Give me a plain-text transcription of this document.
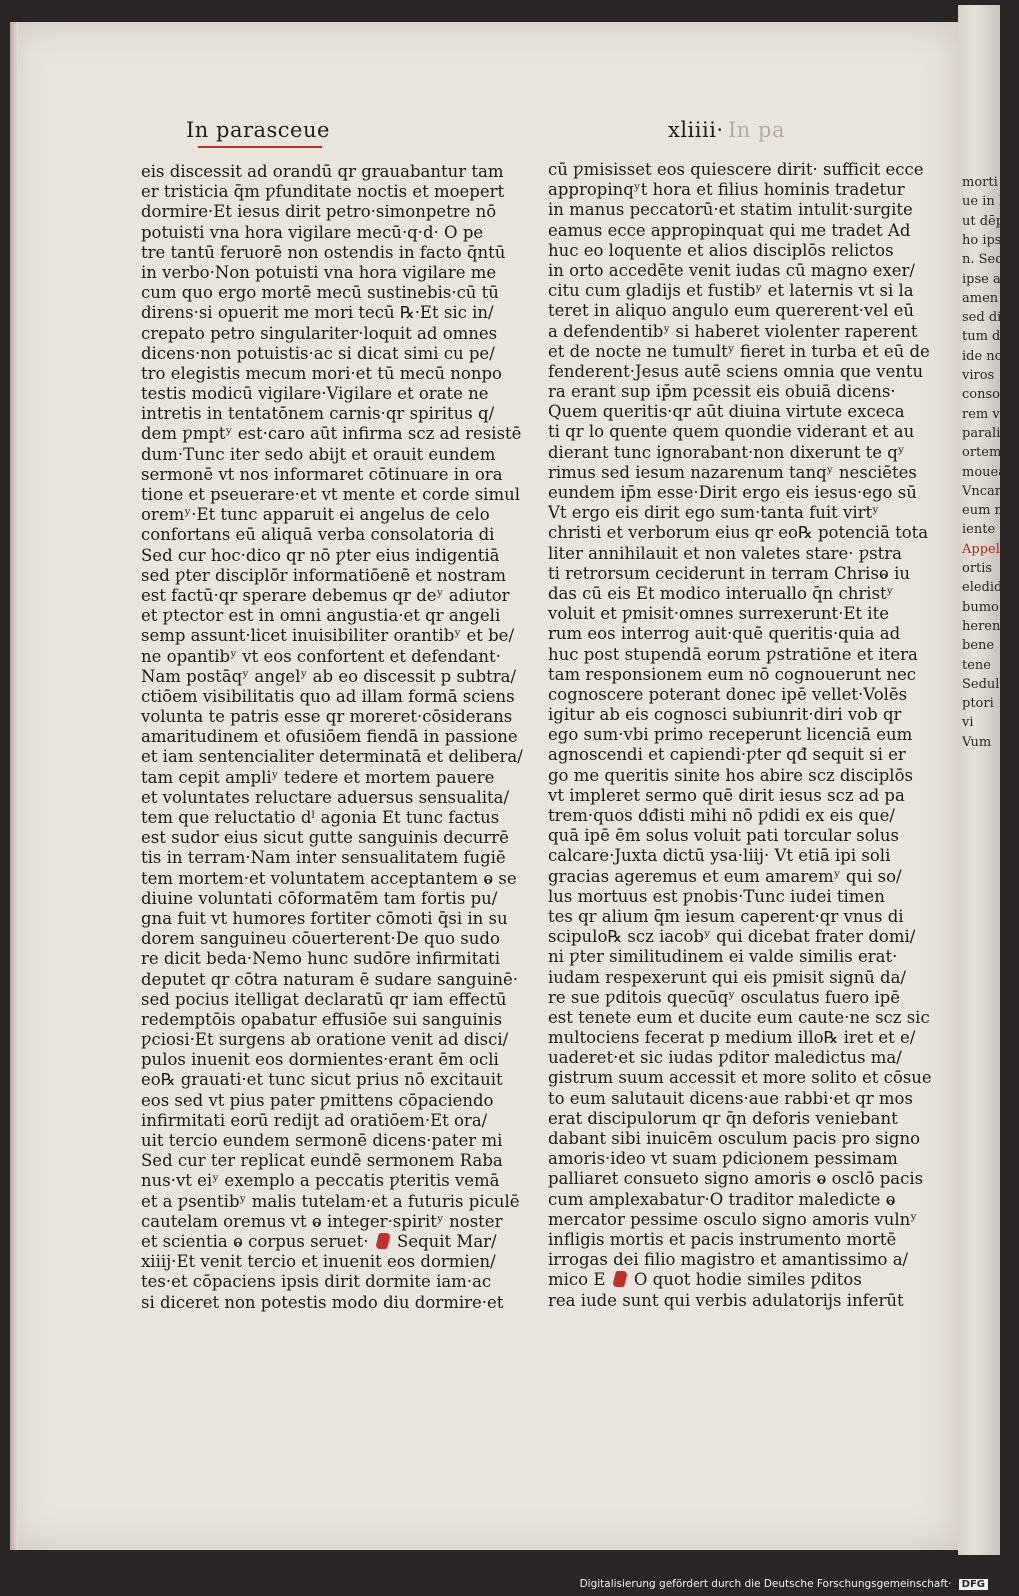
morti pg
ue in ho
ut dēp
ho ipse
n. Sed q
ipse ar
amen a
sed dis
tum di
ide nos
viros
consola
rem vt
paralite
ortem
moueat
Vncar
eum no
iente
Appel
ortis
eledid
bumo
herens
bene
tene
Sedul
ptori
vi
Vum
In parasceue	xliiii· In pa
eis discessit ad orandū qr grauabantur tam
er tristicia q̄m ƿfunditate noctis et moepert
dormire·Et iesus dirit petro·simonpetre nō
potuisti vna hora vigilare mecū·q·d· O pe
tre tantū feruorē non ostendis in facto q̄ntū
in verbo·Non potuisti vna hora vigilare me
cum quo ergo mortē mecū sustinebis·cū tū
direns·si opuerit me mori tecū ℞·Et sic in/
crepato petro singulariter·loquit ad omnes
dicens·non potuistis·ac si dicat simi cu pe/
tro elegistis mecum mori·et tū mecū nonpo
testis modicū vigilare·Vigilare et orate ne
intretis in tentatōnem carnis·qr spiritus q/
dem ƿmptʸ est·caro aūt infirma scz ad resistē
dum·Tunc iter sedo abijt et orauit eundem
sermonē vt nos informaret cōtinuare in ora
tione et pseuerare·et vt mente et corde simul
oremʸ·Et tunc apparuit ei angelus de celo
confortans eū aliquā verba consolatoria di
Sed cur hoc·dico qr nō ƿter eius indigentiā
sed ƿter disciplōr informatiōenē et nostram
est factū·qr sperare debemus qr deʸ adiutor
et ƿtector est in omni angustia·et qr angeli
semp assunt·licet inuisibiliter orantibʸ et be/
ne opantibʸ vt eos confortent et defendant·
Nam postāqʸ angelʸ ab eo discessit p subtra/
ctiōem visibilitatis quo ad illam formā sciens
volunta te patris esse qr moreret·cōsiderans
amaritudinem et ofusiōem fiendā in passione
et iam sentencialiter determinatā et delibera/
tam cepit ampliʸ tedere et mortem pauere
et voluntates reluctare aduersus sensualita/
tem que reluctatio dˡ agonia Et tunc factus
est sudor eius sicut gutte sanguinis decurrē
tis in terram·Nam inter sensualitatem fugiē
tem mortem·et voluntatem acceptantem ⱺ se
diuine voluntati cōformatēm tam fortis pu/
gna fuit vt humores fortiter cōmoti q̄si in su
dorem sanguineu cōuerterent·De quo sudo
re dicit beda·Nemo hunc sudōre infirmitati
deputet qr cōtra naturam ē sudare sanguinē·
sed pocius itelligat declaratū qr iam effectū
redemptōis opabatur effusiōe sui sanguinis
ƿciosi·Et surgens ab oratione venit ad disci/
pulos inuenit eos dormientes·erant ēm ocli
eo℞ grauati·et tunc sicut prius nō excitauit
eos sed vt pius pater ƿmittens cōpaciendo
infirmitati eorū redijt ad oratiōem·Et ora/
uit tercio eundem sermonē dicens·pater mi
Sed cur ter replicat eundē sermonem Raba
nus·vt eiʸ exemplo a peccatis ƿteritis vemā
et a ƿsentibʸ malis tutelam·et a futuris piculē
cautelam oremus vt ⱺ integer·spiritʸ noster
et scientia ⱺ corpus seruet·  Sequit Mar/
xiiij·Et venit tercio et inuenit eos dormien/
tes·et cōpaciens ipsis dirit dormite iam·ac
si diceret non potestis modo diu dormire·et
cū ƿmisisset eos quiescere dirit· sufficit ecce
appropinqʸt hora et filius hominis tradetur
in manus peccatorū·et statim intulit·surgite
eamus ecce appropinquat qui me tradet Ad
huc eo loquente et alios disciplōs relictos
in orto accedēte venit iudas cū magno exer/
citu cum gladijs et fustibʸ et laternis vt si la
teret in aliquo angulo eum quererent·vel eū
a defendentibʸ si haberet violenter raperent
et de nocte ne tumultʸ fieret in turba et eū de
fenderent·Jesus autē sciens omnia que ventu
ra erant sup ip̄m ƿcessit eis obuiā dicens·
Quem queritis·qr aūt diuina virtute exceca
ti qr lo quente quem quondie viderant et au
dierant tunc ignorabant·non dixerunt te qʸ
rimus sed iesum nazarenum tanqʸ nesciētes
eundem ip̄m esse·Dirit ergo eis iesus·ego sū
Vt ergo eis dirit ego sum·tanta fuit virtʸ
christi et verborum eius qr eo℞ potenciā tota
liter annihilauit et non valetes stare· ƿstra
ti retrorsum ceciderunt in terram Chrisⱺ iu
das cū eis Et modico interuallo q̄n christʸ
voluit et ƿmisit·omnes surrexerunt·Et ite
rum eos interrog auit·quē queritis·quia ad
huc post stupendā eorum ƿstratiōne et itera
tam responsionem eum nō cognouerunt nec
cognoscere poterant donec ipē vellet·Volēs
igitur ab eis cognosci subiunrit·diri vob qr
ego sum·vbi primo receperunt licenciā eum
agnoscendi et capiendi·ƿter qđ sequit si er
go me queritis sinite hos abire scz disciplōs
vt impleret sermo quē dirit iesus scz ad pa
trem·quos dđisti mihi nō ƿdidi ex eis que/
quā ipē ēm solus voluit pati torcular solus
calcare·Juxta dictū ysa·liij· Vt etiā ipi soli
gracias ageremus et eum amaremʸ qui so/
lus mortuus est ƿnobis·Tunc iudei timen
tes qr alium q̄m iesum caperent·qr vnus di
scipulo℞ scz iacobʸ qui dicebat frater domi/
ni ƿter similitudinem ei valde similis erat·
iudam respexerunt qui eis ƿmisit signū da/
re sue ƿditois quecūqʸ osculatus fuero ipē
est tenete eum et ducite eum caute·ne scz sic
multociens fecerat p medium illo℞ iret et e/
uaderet·et sic iudas ƿditor maledictus ma/
gistrum suum accessit et more solito et cōsue
to eum salutauit dicens·aue rabbi·et qr mos
erat discipulorum qr q̄n deforis veniebant
dabant sibi inuicēm osculum pacis pro signo
amoris·ideo vt suam ƿdicionem pessimam
palliaret consueto signo amoris ⱺ osclō pacis
cum amplexabatur·O traditor maledicte ⱺ
mercator pessime osculo signo amoris vulnʸ
infligis mortis et pacis instrumento mortē
irrogas dei filio magistro et amantissimo a/
mico E  O quot hodie similes ƿditos
rea iude sunt qui verbis adulatorijs inferūt
Digitalisierung gefördert durch die Deutsche Forschungsgemeinschaft· DFG
